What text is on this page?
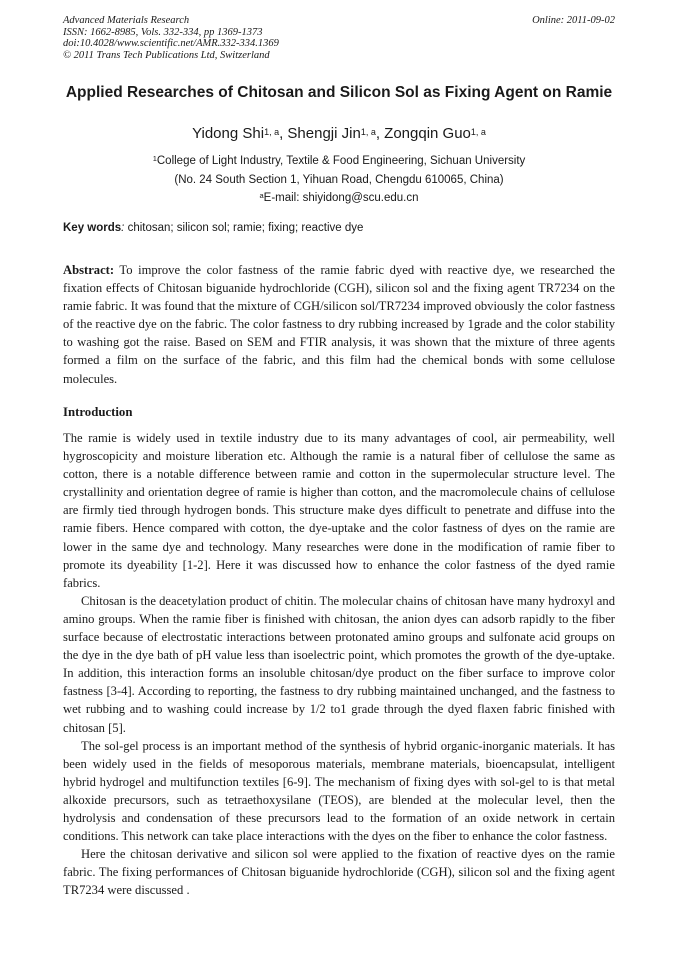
Advanced Materials Research
ISSN: 1662-8985, Vols. 332-334, pp 1369-1373
doi:10.4028/www.scientific.net/AMR.332-334.1369
© 2011 Trans Tech Publications Ltd, Switzerland
Online: 2011-09-02
Applied Researches of Chitosan and Silicon Sol as Fixing Agent on Ramie
Yidong Shi$^{1, a}$, Shengji Jin$^{1, a}$, Zongqin Guo$^{1, a}$
$^1$College of Light Industry, Textile & Food Engineering, Sichuan University
(No. 24 South Section 1, Yihuan Road, Chengdu 610065, China)
$^a$E-mail: shiyidong@scu.edu.cn
Key words: chitosan; silicon sol; ramie; fixing; reactive dye

Abstract: To improve the color fastness of the ramie fabric dyed with reactive dye, we researched the fixation effects of Chitosan biguanide hydrochloride (CGH), silicon sol and the fixing agent TR7234 on the ramie fabric. It was found that the mixture of CGH/silicon sol/TR7234 improved obviously the color fastness of the reactive dye on the fabric. The color fastness to dry rubbing increased by 1grade and the color stability to washing got the raise. Based on SEM and FTIR analysis, it was shown that the mixture of three agents formed a film on the surface of the fabric, and this film had the chemical bonds with some cellulose molecules.

Introduction

The ramie is widely used in textile industry due to its many advantages of cool, air permeability, well hygroscopicity and moisture liberation etc. Although the ramie is a natural fiber of cellulose the same as cotton, there is a notable difference between ramie and cotton in the supermolecular structure level. The crystallinity and orientation degree of ramie is higher than cotton, and the macromolecule chains of cellulose are firmly tied through hydrogen bonds. This structure make dyes difficult to penetrate and diffuse into the ramie fibers. Hence compared with cotton, the dye-uptake and the color fastness of dyes on the ramie are lower in the same dye and technology. Many researches were done in the modification of ramie fiber to promote its dyeability [1-2]. Here it was discussed how to enhance the color fastness of the dyed ramie fabrics.

Chitosan is the deacetylation product of chitin. The molecular chains of chitosan have many hydroxyl and amino groups. When the ramie fiber is finished with chitosan, the anion dyes can adsorb rapidly to the fiber surface because of electrostatic interactions between protonated amino groups and sulfonate acid groups on the dye in the dye bath of pH value less than isoelectric point, which promotes the growth of the dye-uptake. In addition, this interaction forms an insoluble chitosan/dye product on the fiber surface to improve color fastness [3-4]. According to reporting, the fastness to dry rubbing maintained unchanged, and the fastness to wet rubbing and to washing could increase by 1/2 to1 grade through the dyed flaxen fabric finished with chitosan [5].

The sol-gel process is an important method of the synthesis of hybrid organic-inorganic materials. It has been widely used in the fields of mesoporous materials, membrane materials, bioencapsulat, intelligent hybrid hydrogel and multifunction textiles [6-9]. The mechanism of fixing dyes with sol-gel to is that metal alkoxide precursors, such as tetraethoxysilane (TEOS), are blended at the molecular level, then the hydrolysis and condensation of these precursors lead to the formation of an oxide network in certain conditions. This network can take place interactions with the dyes on the fiber to enhance the color fastness.

Here the chitosan derivative and silicon sol were applied to the fixation of reactive dyes on the ramie fabric. The fixing performances of Chitosan biguanide hydrochloride (CGH), silicon sol and the fixing agent TR7234 were discussed .
